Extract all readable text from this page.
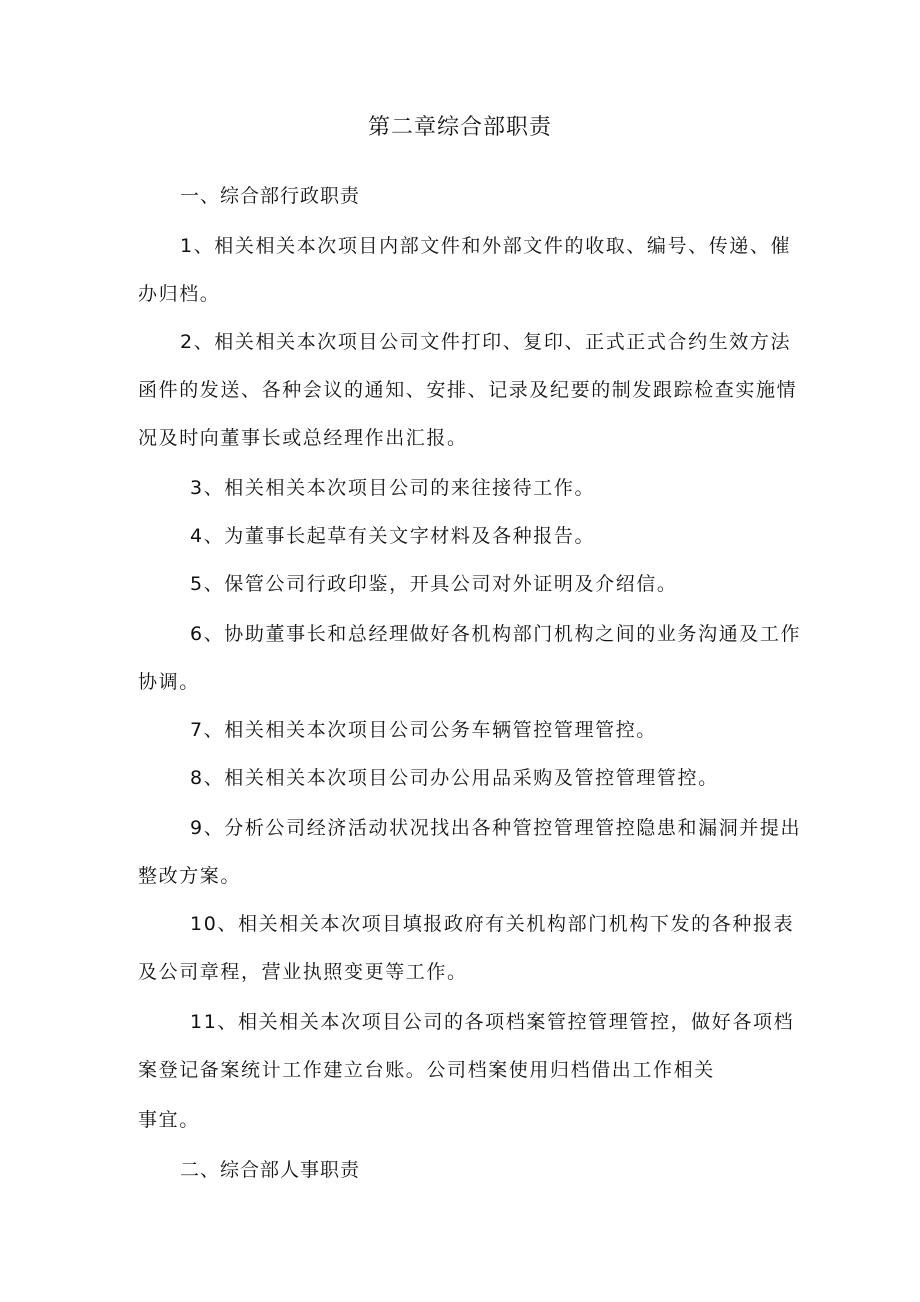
第二章综合部职责
一、综合部行政职责
1、相关相关本次项目内部文件和外部文件的收取、编号、传递、催
办归档。
2、相关相关本次项目公司文件打印、复印、正式正式合约生效方法
函件的发送、各种会议的通知、安排、记录及纪要的制发跟踪检查实施情
况及时向董事长或总经理作出汇报。
3、相关相关本次项目公司的来往接待工作。
4、为董事长起草有关文字材料及各种报告。
5、保管公司行政印鉴，开具公司对外证明及介绍信。
6、协助董事长和总经理做好各机构部门机构之间的业务沟通及工作
协调。
7、相关相关本次项目公司公务车辆管控管理管控。
8、相关相关本次项目公司办公用品采购及管控管理管控。
9、分析公司经济活动状况找出各种管控管理管控隐患和漏洞并提出
整改方案。
10、相关相关本次项目填报政府有关机构部门机构下发的各种报表
及公司章程，营业执照变更等工作。
11、相关相关本次项目公司的各项档案管控管理管控，做好各项档
案登记备案统计工作建立台账。公司档案使用归档借出工作相关
事宜。
二、综合部人事职责
